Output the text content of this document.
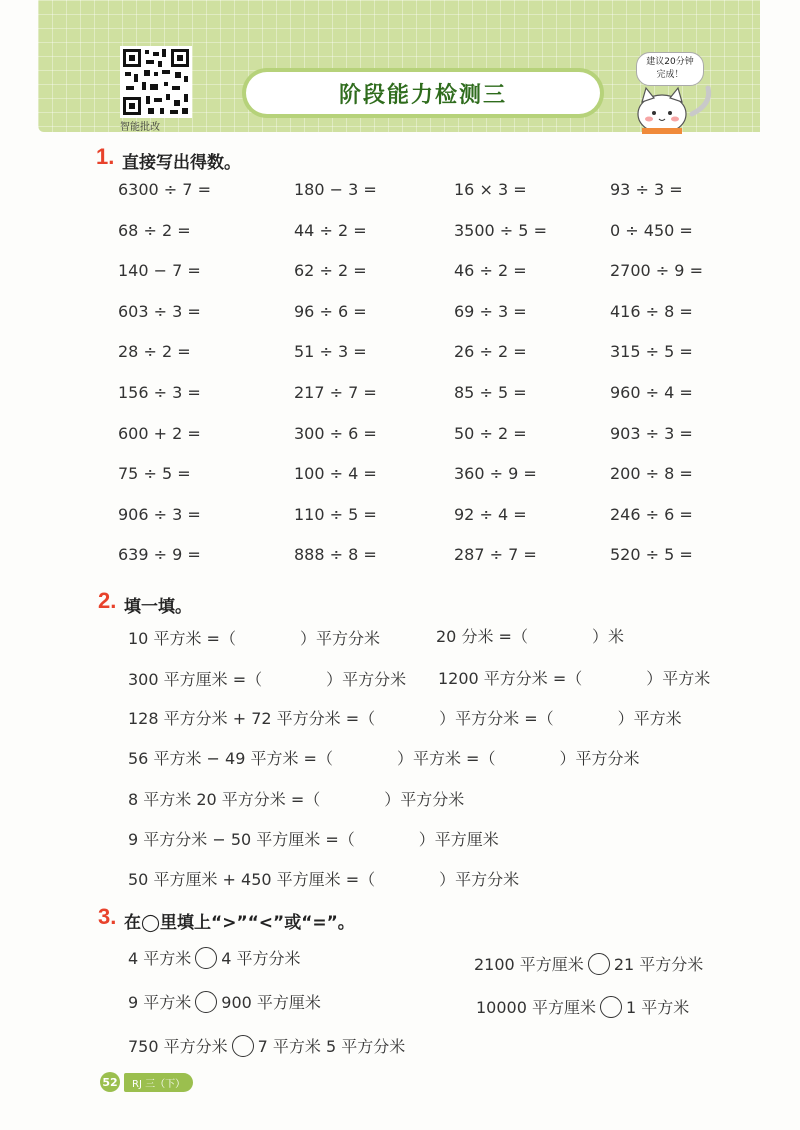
智能批改
阶段能力检测三
建议20分钟
完成！
1. 直接写出得数。
6300 ÷ 7 =	180 − 3 =	16 × 3 =	93 ÷ 3 =
68 ÷ 2 =	44 ÷ 2 =	3500 ÷ 5 =	0 ÷ 450 =
140 − 7 =	62 ÷ 2 =	46 ÷ 2 =	2700 ÷ 9 =
603 ÷ 3 =	96 ÷ 6 =	69 ÷ 3 =	416 ÷ 8 =
28 ÷ 2 =	51 ÷ 3 =	26 ÷ 2 =	315 ÷ 5 =
156 ÷ 3 =	217 ÷ 7 =	85 ÷ 5 =	960 ÷ 4 =
600 + 2 =	300 ÷ 6 =	50 ÷ 2 =	903 ÷ 3 =
75 ÷ 5 =	100 ÷ 4 =	360 ÷ 9 =	200 ÷ 8 =
906 ÷ 3 =	110 ÷ 5 =	92 ÷ 4 =	246 ÷ 6 =
639 ÷ 9 =	888 ÷ 8 =	287 ÷ 7 =	520 ÷ 5 =
2. 填一填。
10 平方米 =（　　　　）平方分米	20 分米 =（　　　　）米
300 平方厘米 =（　　　　）平方分米 1200 平方分米 =（　　　　）平方米
128 平方分米 + 72 平方分米 =（　　　　）平方分米 =（　　　　）平方米
56 平方米 − 49 平方米 =（　　　　）平方米 =（　　　　）平方分米
8 平方米 20 平方分米 =（　　　　）平方分米
9 平方分米 − 50 平方厘米 =（　　　　）平方厘米
50 平方厘米 + 450 平方厘米 =（　　　　）平方分米
3. 在◯里填上“>”“<”或“=”。
4 平方米 4 平方分米	2100 平方厘米 21 平方分米
9 平方米 900 平方厘米	10000 平方厘米 1 平方米
750 平方分米 7 平方米 5 平方分米
52	RJ 三（下）
